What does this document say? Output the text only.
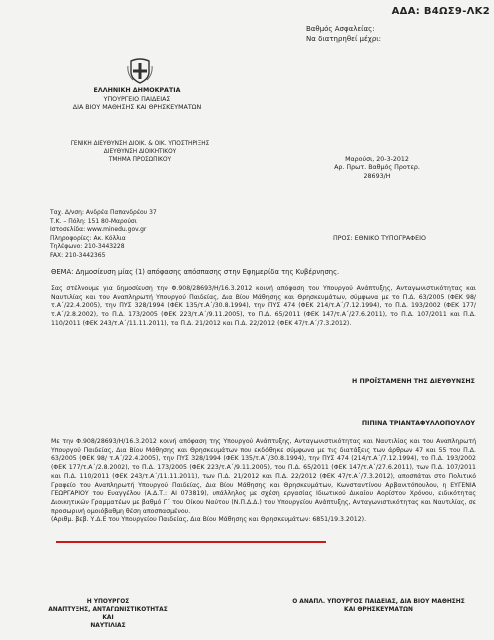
ΑΔΑ: Β4ΩΣ9-ΛΚ2
Βαθμός Ασφαλείας:
Να διατηρηθεί μέχρι:
ΕΛΛΗΝΙΚΗ ΔΗΜΟΚΡΑΤΙΑ
ΥΠΟΥΡΓΕΙΟ ΠΑΙΔΕΙΑΣ
ΔΙΑ ΒΙΟΥ ΜΑΘΗΣΗΣ ΚΑΙ ΘΡΗΣΚΕΥΜΑΤΩΝ
ΓΕΝΙΚΗ ΔΙΕΥΘΥΝΣΗ ΔΙΟΙΚ. & ΟΙΚ. ΥΠΟΣΤΗΡΙΞΗΣ
ΔΙΕΥΘΥΝΣΗ ΔΙΟΙΚΗΤΙΚΟΥ
ΤΜΗΜΑ ΠΡΟΣΩΠΙΚΟΥ	Μαρούσι, 20-3-2012
Αρ. Πρωτ. Βαθμός Προτερ.
28693/Η
Ταχ. Δ/νση: Ανδρέα Παπανδρέου 37
Τ.Κ. – Πόλη: 151 80-Μαρούσι
Ιστοσελίδα: www.minedu.gov.gr
Πληροφορίες: Ακ. Κόλλια
Τηλέφωνο: 210-3443228
FAX: 210-3442365
ΠΡΟΣ: ΕΘΝΙΚΟ ΤΥΠΟΓΡΑΦΕΙΟ
ΘΕΜΑ: Δημοσίευση μίας (1) απόφασης απόσπασης στην Εφημερίδα της Κυβέρνησης.
Σας στέλνουμε για δημοσίευση την Φ.908/28693/Η/16.3.2012 κοινή απόφαση του Υπουργού Ανάπτυξης, Ανταγωνιστικότητας και Ναυτιλίας και του Αναπληρωτή Υπουργού Παιδείας, Δια Βίου Μάθησης και Θρησκευμάτων, σύμφωνα με το Π.Δ. 63/2005 (ΦΕΚ 98/ τ.Α΄/22.4.2005), την ΠΥΣ 328/1994 (ΦΕΚ 135/τ.Α΄/30.8.1994), την ΠΥΣ 474 (ΦΕΚ 214/τ.Α΄/7.12.1994), το Π.Δ. 193/2002 (ΦΕΚ 177/τ.Α΄/2.8.2002), το Π.Δ. 173/2005 (ΦΕΚ 223/τ.Α΄/9.11.2005), το Π.Δ. 65/2011 (ΦΕΚ 147/τ.Α΄/27.6.2011), το Π.Δ. 107/2011 και Π.Δ. 110/2011 (ΦΕΚ 243/τ.Α΄/11.11.2011), τα Π.Δ. 21/2012 και Π.Δ. 22/2012 (ΦΕΚ 47/τ.Α΄/7.3.2012).
Η ΠΡΟΪΣΤΑΜΕΝΗ ΤΗΣ ΔΙΕΥΘΥΝΣΗΣ
ΠΙΠΙΝΑ ΤΡΙΑΝΤΑΦΥΛΛΟΠΟΥΛΟΥ
Με την Φ.908/28693/Η/16.3.2012 κοινή απόφαση της Υπουργού Ανάπτυξης, Ανταγωνιστικότητας και Ναυτιλίας και του Αναπληρωτή Υπουργού Παιδείας, Δια Βίου Μάθησης και Θρησκευμάτων που εκδόθηκε σύμφωνα με τις διατάξεις των άρθρων 47 και 55 του Π.Δ. 63/2005 (ΦΕΚ 98/ τ.Α΄/22.4.2005), την ΠΥΣ 328/1994 (ΦΕΚ 135/τ.Α΄/30.8.1994), την ΠΥΣ 474 (214/τ.Α΄/7.12.1994), το Π.Δ. 193/2002 (ΦΕΚ 177/τ.Α΄/2.8.2002), το Π.Δ. 173/2005 (ΦΕΚ 223/τ.Α΄/9.11.2005), του Π.Δ. 65/2011 (ΦΕΚ 147/τ.Α΄/27.6.2011), των Π.Δ. 107/2011 και Π.Δ. 110/2011 (ΦΕΚ 243/τ.Α΄/11.11.2011), των Π.Δ. 21/2012 και Π.Δ. 22/2012 (ΦΕΚ 47/τ.Α΄/7.3.2012), αποσπάται στο Πολιτικό Γραφείο του Αναπληρωτή Υπουργού Παιδείας, Δια Βίου Μάθησης και Θρησκευμάτων, Κωνσταντίνου Αρβανιτόπουλου, η ΕΥΓΕΝΙΑ ΓΕΩΡΓΑΡΙΟΥ του Ευαγγέλου (Α.Δ.Τ.: ΑΙ 073819), υπάλληλος με σχέση εργασίας Ιδιωτικού Δικαίου Αορίστου Χρόνου, ειδικότητας Διοικητικών Γραμματέων με βαθμό Γ΄ του Οίκου Ναύτου (Ν.Π.Δ.Δ.) του Υπουργείου Ανάπτυξης, Ανταγωνιστικότητας και Ναυτιλίας, σε προσωρινή ομοιόβαθμη θέση αποσπασμένου.
(Αριθμ. βεβ. Υ.Δ.Ε του Υπουργείου Παιδείας, Δια Βίου Μάθησης και Θρησκευμάτων: 6851/19.3.2012).
Η ΥΠΟΥΡΓΟΣ
ΑΝΑΠΤΥΞΗΣ, ΑΝΤΑΓΩΝΙΣΤΙΚΟΤΗΤΑΣ ΚΑΙ
ΝΑΥΤΙΛΙΑΣ
Ο ΑΝΑΠΛ. ΥΠΟΥΡΓΟΣ ΠΑΙΔΕΙΑΣ, ΔΙΑ ΒΙΟΥ ΜΑΘΗΣΗΣ
ΚΑΙ ΘΡΗΣΚΕΥΜΑΤΩΝ
